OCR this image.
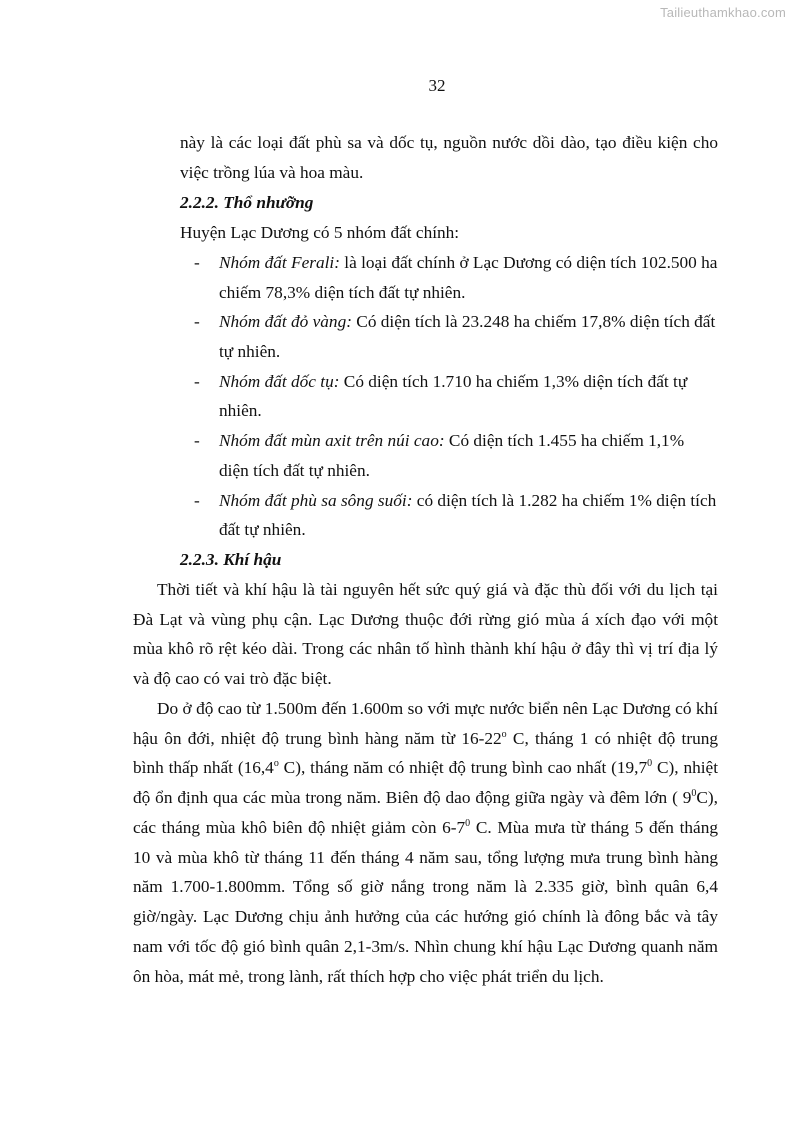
Tailieuthamkhao.com
32
này là các loại đất phù sa và dốc tụ, nguồn nước dồi dào, tạo điều kiện cho
việc trồng lúa và hoa màu.
2.2.2. Thổ nhưỡng
Huyện Lạc Dương có 5 nhóm đất chính:
- Nhóm đất Ferali: là loại đất chính ở Lạc Dương có diện tích 102.500 ha
chiếm 78,3% diện tích đất tự nhiên.
- Nhóm đất đỏ vàng: Có diện tích là 23.248 ha chiếm 17,8% diện tích đất
tự nhiên.
- Nhóm đất dốc tụ: Có diện tích 1.710 ha chiếm 1,3% diện tích đất tự
nhiên.
- Nhóm đất mùn axit trên núi cao: Có diện tích 1.455 ha chiếm 1,1%
diện tích đất tự nhiên.
- Nhóm đất phù sa sông suối: có diện tích là 1.282 ha chiếm 1% diện tích
đất tự nhiên.
2.2.3. Khí hậu
Thời tiết và khí hậu là tài nguyên hết sức quý giá và đặc thù đối với du lịch tại
Đà Lạt và vùng phụ cận. Lạc Dương thuộc đới rừng gió mùa á xích đạo với một
mùa khô rõ rệt kéo dài. Trong các nhân tố hình thành khí hậu ở đây thì vị trí địa lý
và độ cao có vai trò đặc biệt.
Do ở độ cao từ 1.500m đến 1.600m so với mực nước biển nên Lạc Dương có khí
hậu ôn đới, nhiệt độ trung bình hàng năm từ 16-22$^o$ C, tháng 1 có nhiệt độ trung
bình thấp nhất (16,4$^o$ C), tháng năm có nhiệt độ trung bình cao nhất (19,7$^0$ C), nhiệt
độ ổn định qua các mùa trong năm. Biên độ dao động giữa ngày và đêm lớn ( $9^0C$),
các tháng mùa khô biên độ nhiệt giảm còn $6-7^0$ C. Mùa mưa từ tháng 5 đến tháng
10 và mùa khô từ tháng 11 đến tháng 4 năm sau, tổng lượng mưa trung bình hàng
năm 1.700-1.800mm. Tổng số giờ nắng trong năm là 2.335 giờ, bình quân 6,4
giờ/ngày. Lạc Dương chịu ảnh hưởng của các hướng gió chính là đông bắc và tây
nam với tốc độ gió bình quân 2,1-3m/s. Nhìn chung khí hậu Lạc Dương quanh năm
ôn hòa, mát mẻ, trong lành, rất thích hợp cho việc phát triển du lịch.
